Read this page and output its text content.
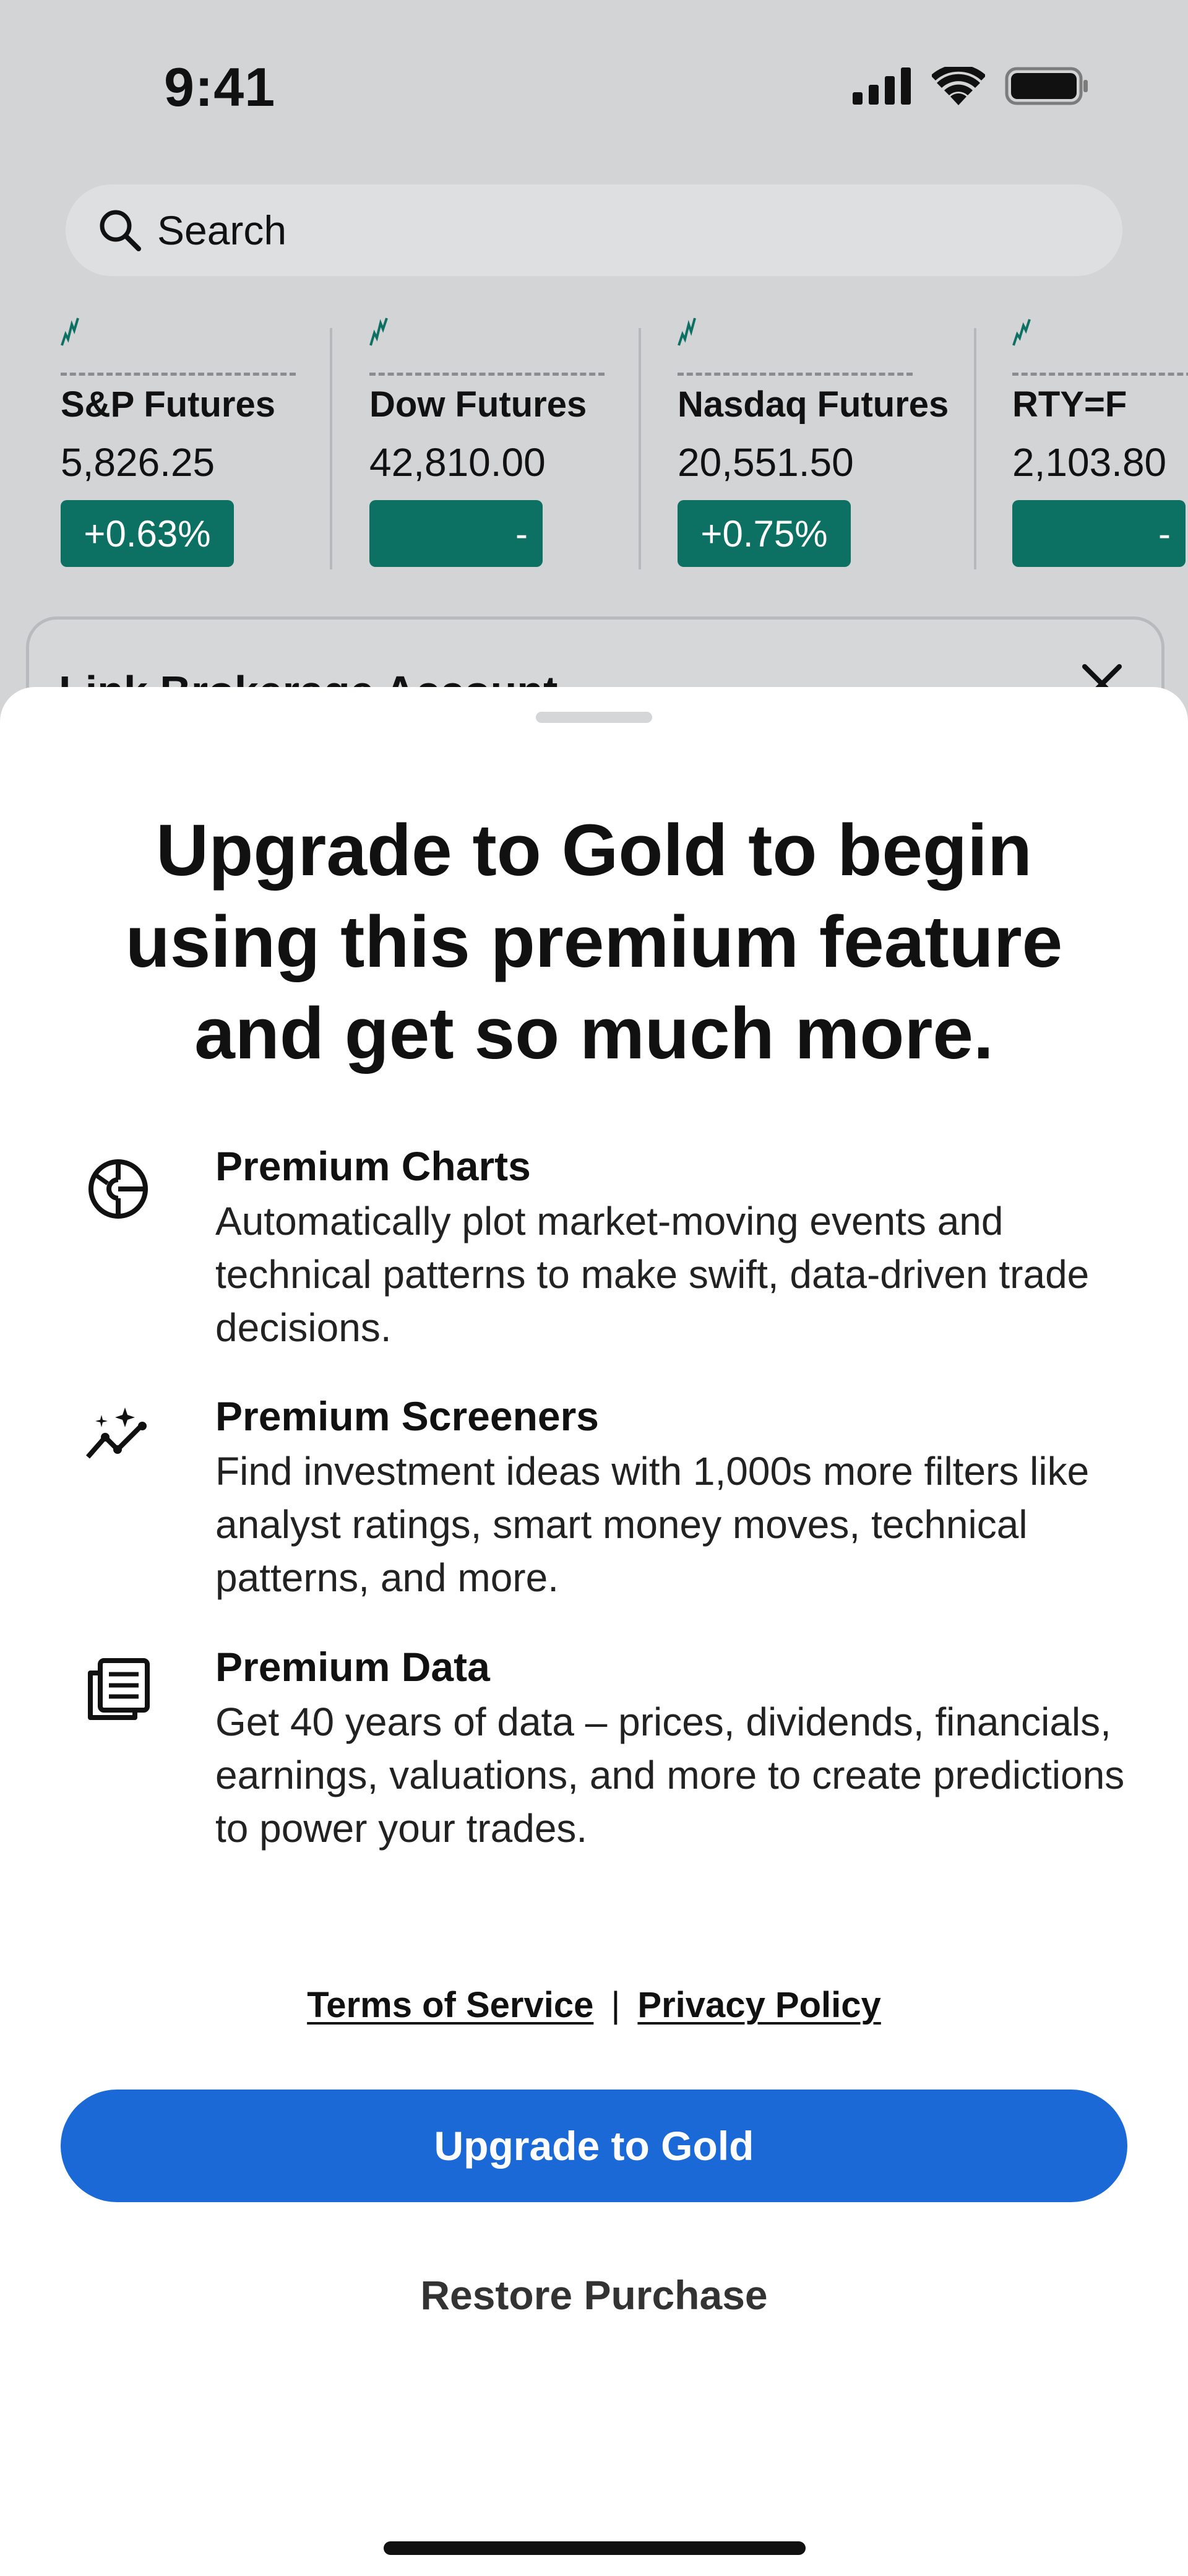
9:41
Search
S&P Futures
5,826.25
+0.63%
Dow Futures
42,810.00
-
Nasdaq Futures
20,551.50
+0.75%
RTY=F
2,103.80
-
Upgrade to Gold to begin using this premium feature and get so much more.
Premium Charts
Automatically plot market-moving events and technical patterns to make swift, data-driven trade decisions.
Premium Screeners
Find investment ideas with 1,000s more filters like analyst ratings, smart money moves, technical patterns, and more.
Premium Data
Get 40 years of data – prices, dividends, financials, earnings, valuations, and more to create predictions to power your trades.
Terms of Service | Privacy Policy
Upgrade to Gold
Restore Purchase
